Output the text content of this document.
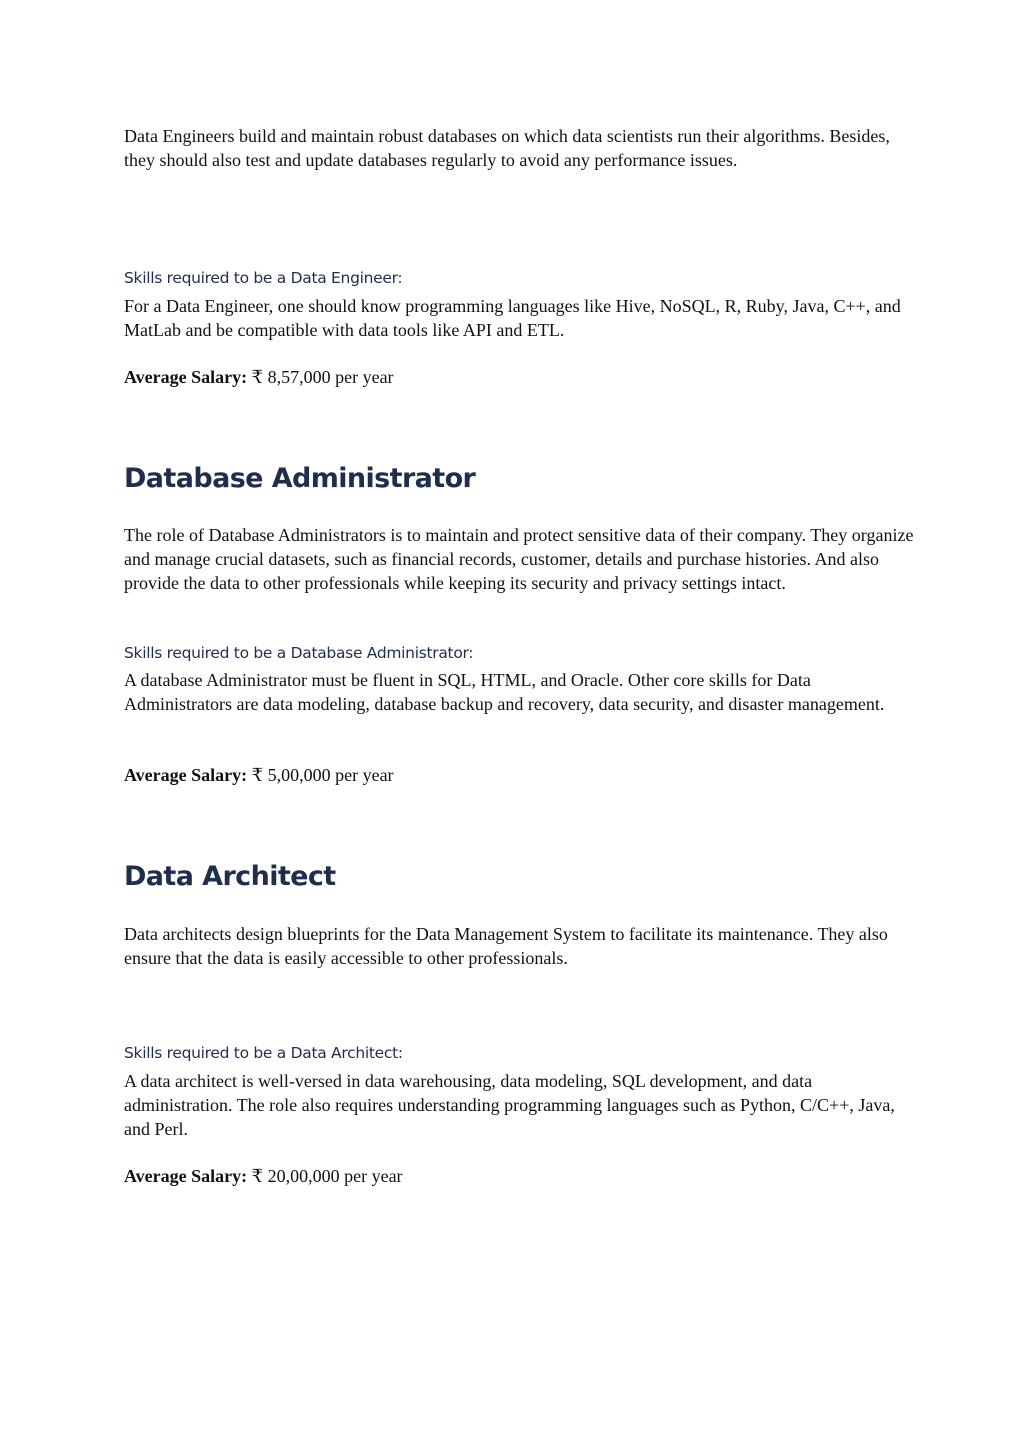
Data Engineers build and maintain robust databases on which data scientists run their algorithms. Besides, they should also test and update databases regularly to avoid any performance issues.

Skills required to be a Data Engineer:

For a Data Engineer, one should know programming languages like Hive, NoSQL, R, Ruby, Java, C++, and MatLab and be compatible with data tools like API and ETL.

Average Salary: ₹ 8,57,000 per year

Database Administrator

The role of Database Administrators is to maintain and protect sensitive data of their company. They organize and manage crucial datasets, such as financial records, customer, details and purchase histories. And also provide the data to other professionals while keeping its security and privacy settings intact.

Skills required to be a Database Administrator:

A database Administrator must be fluent in SQL, HTML, and Oracle. Other core skills for Data Administrators are data modeling, database backup and recovery, data security, and disaster management.

Average Salary: ₹ 5,00,000 per year

Data Architect

Data architects design blueprints for the Data Management System to facilitate its maintenance. They also ensure that the data is easily accessible to other professionals.

Skills required to be a Data Architect:

A data architect is well-versed in data warehousing, data modeling, SQL development, and data administration. The role also requires understanding programming languages such as Python, C/C++, Java, and Perl.

Average Salary: ₹ 20,00,000 per year
